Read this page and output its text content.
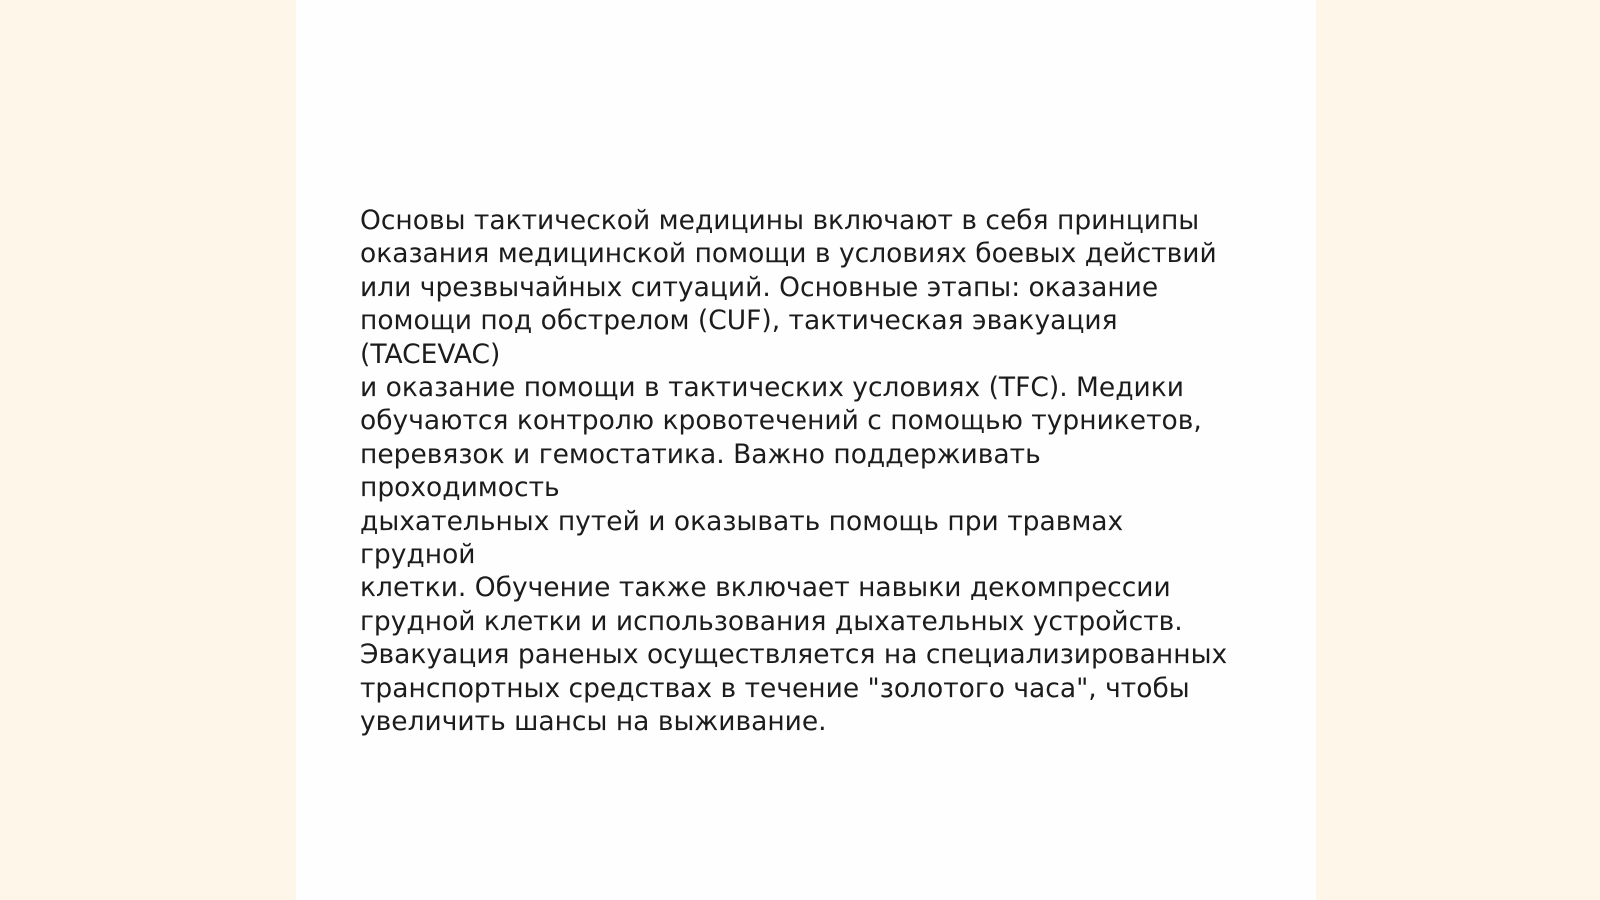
Основы тактической медицины включают в себя принципы
оказания медицинской помощи в условиях боевых действий
или чрезвычайных ситуаций. Основные этапы: оказание
помощи под обстрелом (CUF), тактическая эвакуация (TACEVAC)
и оказание помощи в тактических условиях (TFC). Медики
обучаются контролю кровотечений с помощью турникетов,
перевязок и гемостатика. Важно поддерживать проходимость
дыхательных путей и оказывать помощь при травмах грудной
клетки. Обучение также включает навыки декомпрессии
грудной клетки и использования дыхательных устройств.
Эвакуация раненых осуществляется на специализированных
транспортных средствах в течение "золотого часа", чтобы
увеличить шансы на выживание.
